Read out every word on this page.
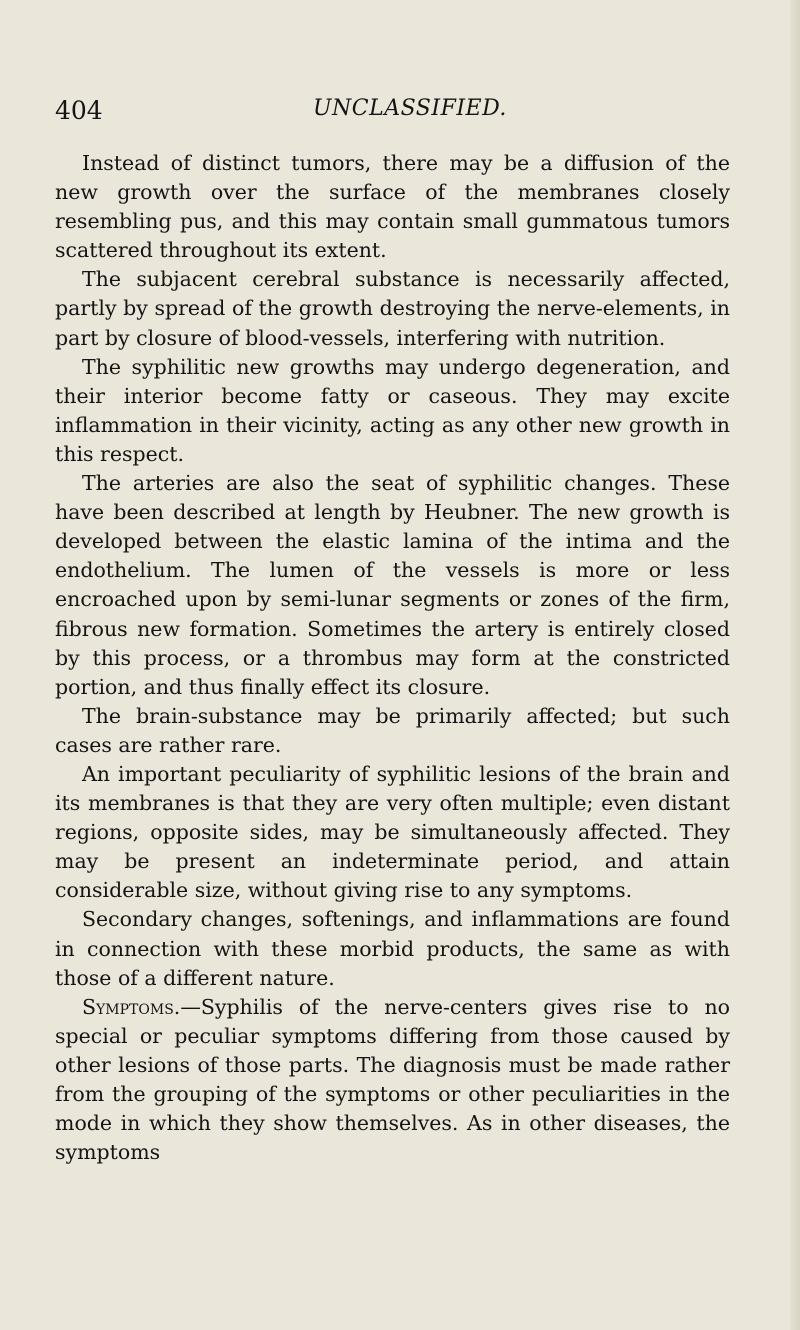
404	UNCLASSIFIED.

Instead of distinct tumors, there may be a diffusion of the new growth over the surface of the membranes closely resembling pus, and this may contain small gummatous tumors scattered throughout its extent.

The subjacent cerebral substance is necessarily affected, partly by spread of the growth destroying the nerve-elements, in part by closure of blood-vessels, interfering with nutrition.

The syphilitic new growths may undergo degeneration, and their interior become fatty or caseous. They may excite inflammation in their vicinity, acting as any other new growth in this respect.

The arteries are also the seat of syphilitic changes. These have been described at length by Heubner. The new growth is developed between the elastic lamina of the intima and the endothelium. The lumen of the vessels is more or less encroached upon by semi-lunar segments or zones of the firm, fibrous new formation. Sometimes the artery is entirely closed by this process, or a thrombus may form at the constricted portion, and thus finally effect its closure.

The brain-substance may be primarily affected; but such cases are rather rare.

An important peculiarity of syphilitic lesions of the brain and its membranes is that they are very often multiple; even distant regions, opposite sides, may be simultaneously affected. They may be present an indeterminate period, and attain considerable size, without giving rise to any symptoms.

Secondary changes, softenings, and inflammations are found in connection with these morbid products, the same as with those of a different nature.

Symptoms.—Syphilis of the nerve-centers gives rise to no special or peculiar symptoms differing from those caused by other lesions of those parts. The diagnosis must be made rather from the grouping of the symptoms or other peculiarities in the mode in which they show themselves. As in other diseases, the symptoms
